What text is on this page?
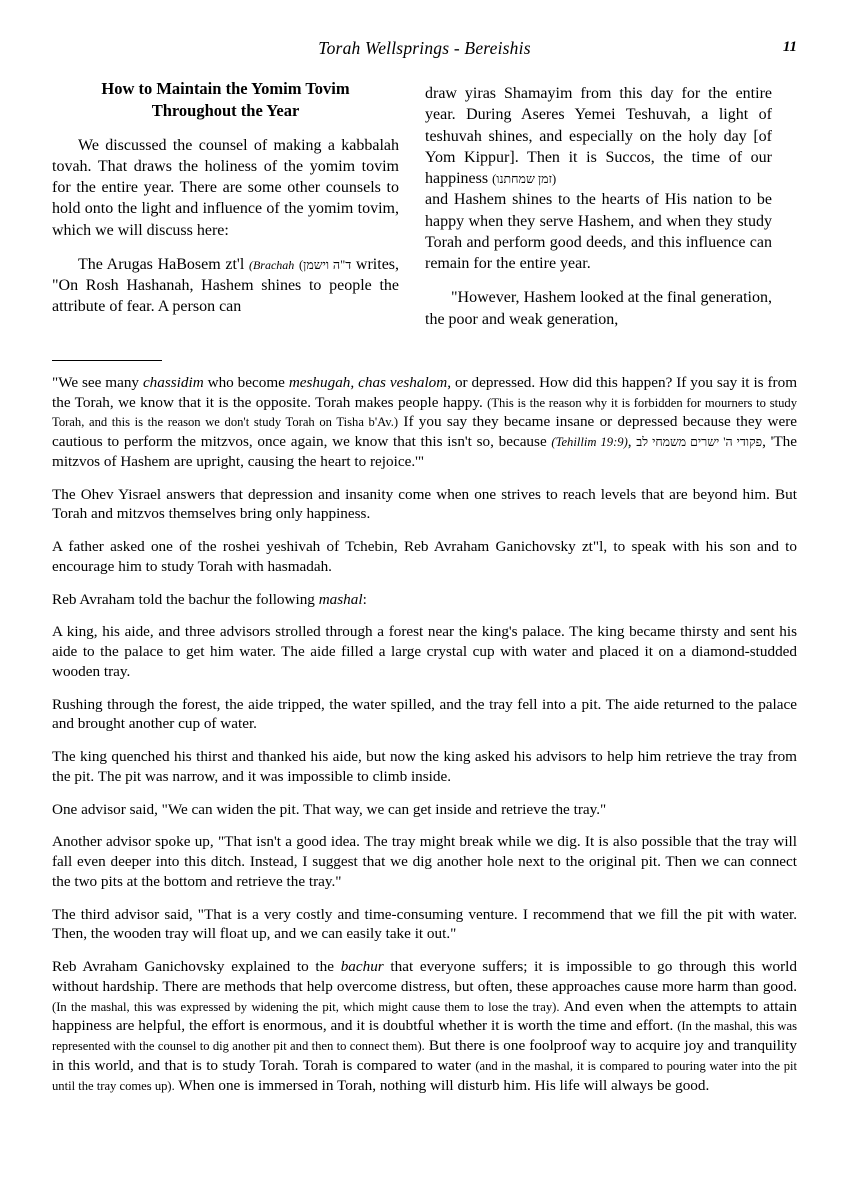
Torah Wellsprings - Bereishis	11
How to Maintain the Yomim Tovim
Throughout the Year

We discussed the counsel of making a kabbalah tovah. That draws the holiness of the yomim tovim for the entire year. There are some other counsels to hold onto the light and influence of the yomim tovim, which we will discuss here:

The Arugas HaBosem zt'l (Brachah ד"ה וישמן) writes, "On Rosh Hashanah, Hashem shines to people the attribute of fear. A person can

draw yiras Shamayim from this day for the entire year. During Aseres Yemei Teshuvah, a light of teshuvah shines, and especially on the holy day [of Yom Kippur]. Then it is Succos, the time of our happiness (זמן שמחתנו)

and Hashem shines to the hearts of His nation to be happy when they serve Hashem, and when they study Torah and perform good deeds, and this influence can remain for the entire year.

"However, Hashem looked at the final generation, the poor and weak generation,

"We see many chassidim who become meshugah, chas veshalom, or depressed. How did this happen? If you say it is from the Torah, we know that it is the opposite. Torah makes people happy. (This is the reason why it is forbidden for mourners to study Torah, and this is the reason we don't study Torah on Tisha b'Av.) If you say they became insane or depressed because they were cautious to perform the mitzvos, once again, we know that this isn't so, because (Tehillim 19:9), פקודי ה' ישרים משמחי לב, 'The mitzvos of Hashem are upright, causing the heart to rejoice.'"

The Ohev Yisrael answers that depression and insanity come when one strives to reach levels that are beyond him. But Torah and mitzvos themselves bring only happiness.

A father asked one of the roshei yeshivah of Tchebin, Reb Avraham Ganichovsky zt"l, to speak with his son and to encourage him to study Torah with hasmadah.

Reb Avraham told the bachur the following mashal:

A king, his aide, and three advisors strolled through a forest near the king's palace. The king became thirsty and sent his aide to the palace to get him water. The aide filled a large crystal cup with water and placed it on a diamond-studded wooden tray.

Rushing through the forest, the aide tripped, the water spilled, and the tray fell into a pit. The aide returned to the palace and brought another cup of water.

The king quenched his thirst and thanked his aide, but now the king asked his advisors to help him retrieve the tray from the pit. The pit was narrow, and it was impossible to climb inside.

One advisor said, "We can widen the pit. That way, we can get inside and retrieve the tray."

Another advisor spoke up, "That isn't a good idea. The tray might break while we dig. It is also possible that the tray will fall even deeper into this ditch. Instead, I suggest that we dig another hole next to the original pit. Then we can connect the two pits at the bottom and retrieve the tray."

The third advisor said, "That is a very costly and time-consuming venture. I recommend that we fill the pit with water. Then, the wooden tray will float up, and we can easily take it out."

Reb Avraham Ganichovsky explained to the bachur that everyone suffers; it is impossible to go through this world without hardship. There are methods that help overcome distress, but often, these approaches cause more harm than good. (In the mashal, this was expressed by widening the pit, which might cause them to lose the tray). And even when the attempts to attain happiness are helpful, the effort is enormous, and it is doubtful whether it is worth the time and effort. (In the mashal, this was represented with the counsel to dig another pit and then to connect them). But there is one foolproof way to acquire joy and tranquility in this world, and that is to study Torah. Torah is compared to water (and in the mashal, it is compared to pouring water into the pit until the tray comes up). When one is immersed in Torah, nothing will disturb him. His life will always be good.
